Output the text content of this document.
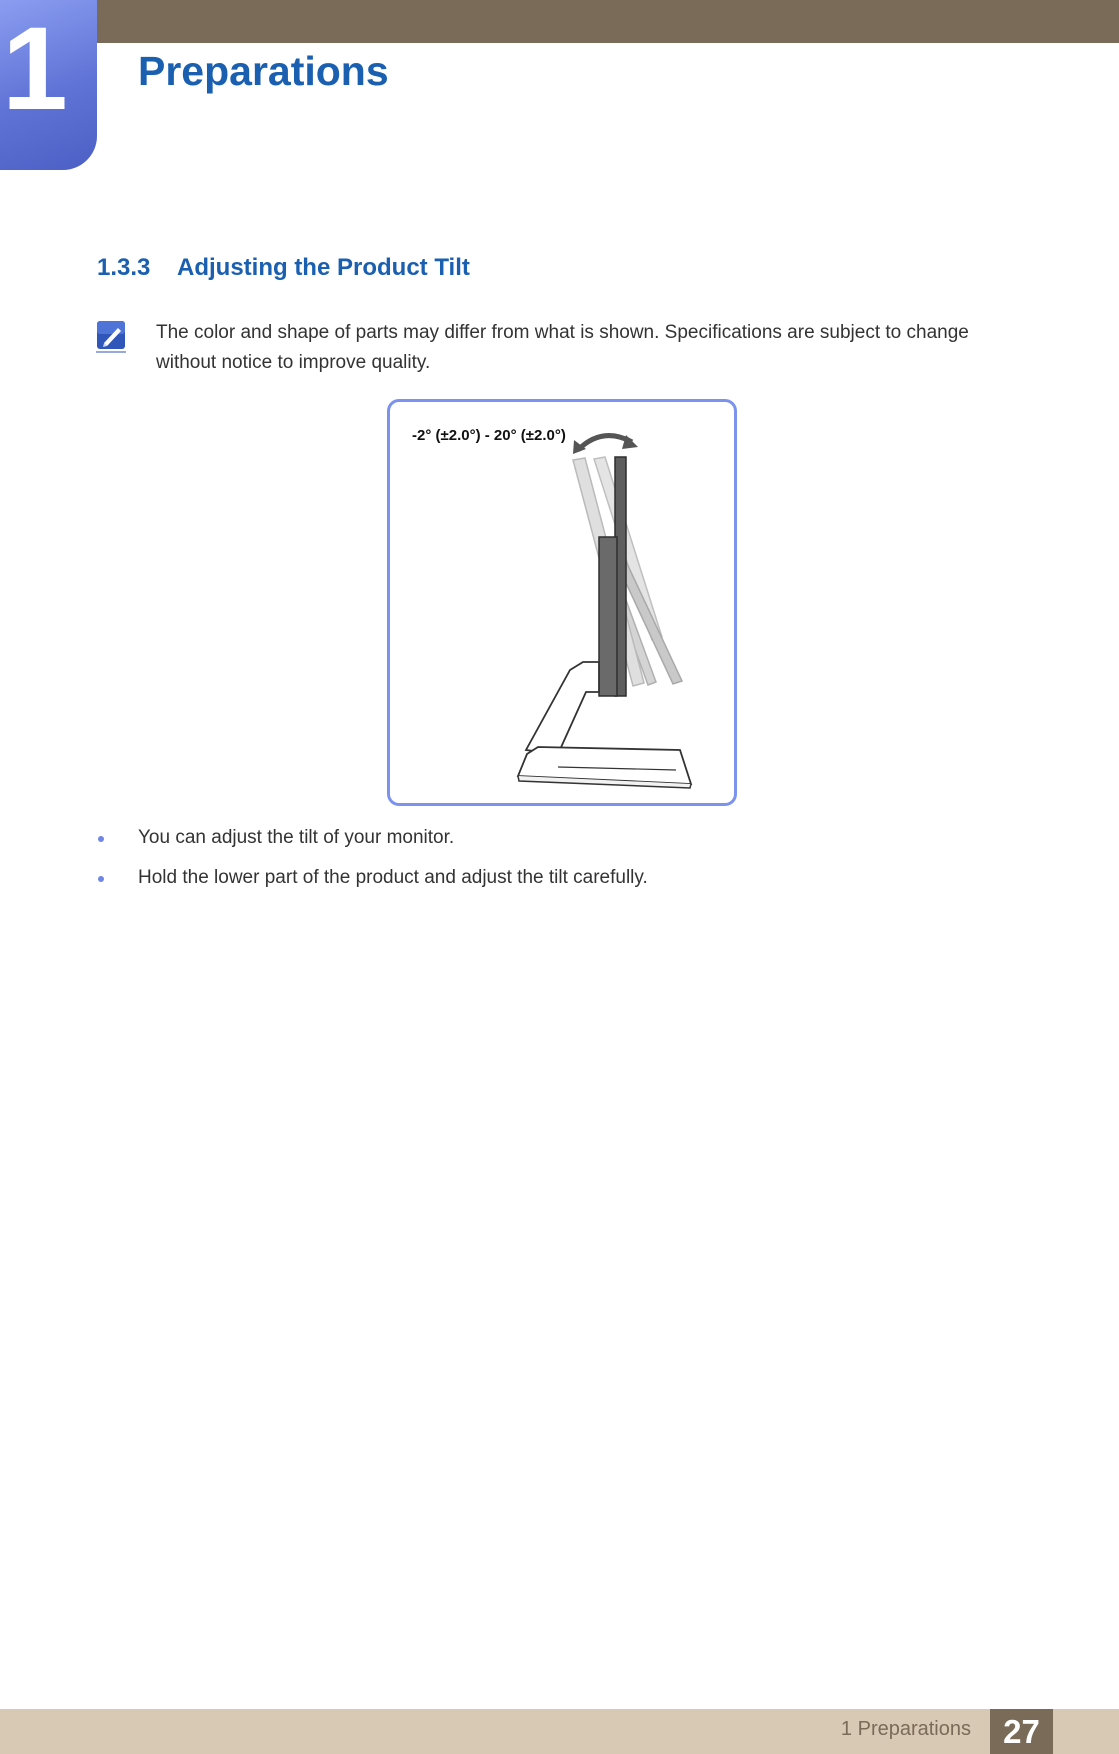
1 Preparations
1.3.3 Adjusting the Product Tilt
The color and shape of parts may differ from what is shown. Specifications are subject to change without notice to improve quality.
-2° (±2.0°) - 20° (±2.0°)
You can adjust the tilt of your monitor.
Hold the lower part of the product and adjust the tilt carefully.
1 Preparations 27
